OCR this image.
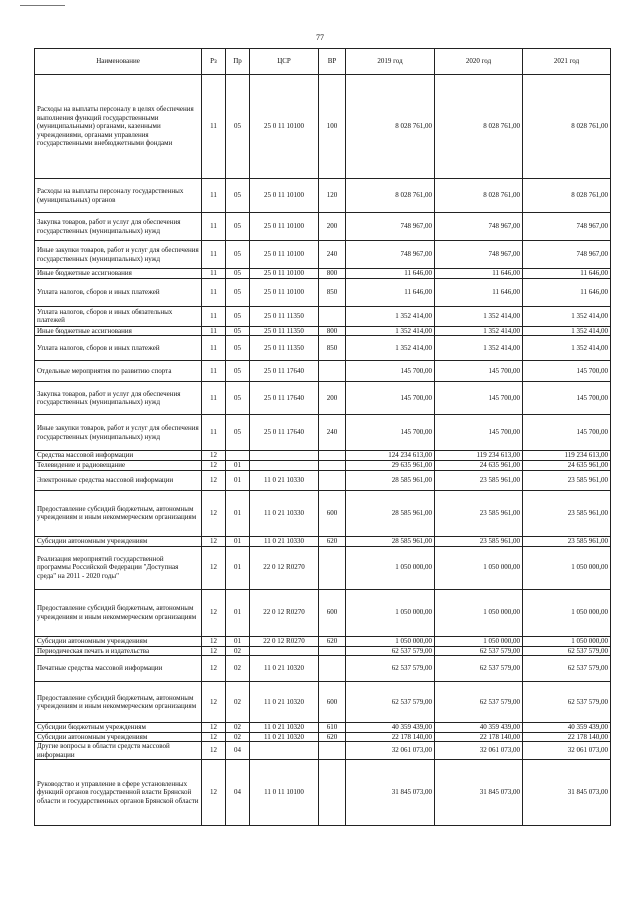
77
Наименование	Рз	Пр	ЦСР	ВР	2019 год	2020 год	2021 год
Расходы на выплаты персоналу в целях обеспечения выполнения функций государственными (муниципальными) органами, казенными учреждениями, органами управления государственными внебюджетными фондами	11	05	25 0 11 10100	100	8 028 761,00	8 028 761,00	8 028 761,00
Расходы на выплаты персоналу государственных (муниципальных) органов	11	05	25 0 11 10100	120	8 028 761,00	8 028 761,00	8 028 761,00
Закупка товаров, работ и услуг для обеспечения государственных (муниципальных) нужд	11	05	25 0 11 10100	200	748 967,00	748 967,00	748 967,00
Иные закупки товаров, работ и услуг для обеспечения государственных (муниципальных) нужд	11	05	25 0 11 10100	240	748 967,00	748 967,00	748 967,00
Иные бюджетные ассигнования	11	05	25 0 11 10100	800	11 646,00	11 646,00	11 646,00
Уплата налогов, сборов и иных платежей	11	05	25 0 11 10100	850	11 646,00	11 646,00	11 646,00
Уплата налогов, сборов и иных обязательных платежей	11	05	25 0 11 11350		1 352 414,00	1 352 414,00	1 352 414,00
Иные бюджетные ассигнования	11	05	25 0 11 11350	800	1 352 414,00	1 352 414,00	1 352 414,00
Уплата налогов, сборов и иных платежей	11	05	25 0 11 11350	850	1 352 414,00	1 352 414,00	1 352 414,00
Отдельные мероприятия по развитию спорта	11	05	25 0 11 17640		145 700,00	145 700,00	145 700,00
Закупка товаров, работ и услуг для обеспечения государственных (муниципальных) нужд	11	05	25 0 11 17640	200	145 700,00	145 700,00	145 700,00
Иные закупки товаров, работ и услуг для обеспечения государственных (муниципальных) нужд	11	05	25 0 11 17640	240	145 700,00	145 700,00	145 700,00
Средства массовой информации	12				124 234 613,00	119 234 613,00	119 234 613,00
Телевидение и радиовещание	12	01			29 635 961,00	24 635 961,00	24 635 961,00
Электронные средства массовой информации	12	01	11 0 21 10330		28 585 961,00	23 585 961,00	23 585 961,00
Предоставление субсидий бюджетным, автономным учреждениям и иным некоммерческим организациям	12	01	11 0 21 10330	600	28 585 961,00	23 585 961,00	23 585 961,00
Субсидии автономным учреждениям	12	01	11 0 21 10330	620	28 585 961,00	23 585 961,00	23 585 961,00
Реализация мероприятий государственной программы Российской Федерации "Доступная среда" на 2011 - 2020 годы"	12	01	22 0 12 R0270		1 050 000,00	1 050 000,00	1 050 000,00
Предоставление субсидий бюджетным, автономным учреждениям и иным некоммерческим организациям	12	01	22 0 12 R0270	600	1 050 000,00	1 050 000,00	1 050 000,00
Субсидии автономным учреждениям	12	01	22 0 12 R0270	620	1 050 000,00	1 050 000,00	1 050 000,00
Периодическая печать и издательства	12	02			62 537 579,00	62 537 579,00	62 537 579,00
Печатные средства массовой информации	12	02	11 0 21 10320		62 537 579,00	62 537 579,00	62 537 579,00
Предоставление субсидий бюджетным, автономным учреждениям и иным некоммерческим организациям	12	02	11 0 21 10320	600	62 537 579,00	62 537 579,00	62 537 579,00
Субсидии бюджетным учреждениям	12	02	11 0 21 10320	610	40 359 439,00	40 359 439,00	40 359 439,00
Субсидии автономным учреждениям	12	02	11 0 21 10320	620	22 178 140,00	22 178 140,00	22 178 140,00
Другие вопросы в области средств массовой информации	12	04			32 061 073,00	32 061 073,00	32 061 073,00
Руководство и управление в сфере установленных функций органов государственной власти Брянской области и государственных органов Брянской области	12	04	11 0 11 10100		31 845 073,00	31 845 073,00	31 845 073,00
